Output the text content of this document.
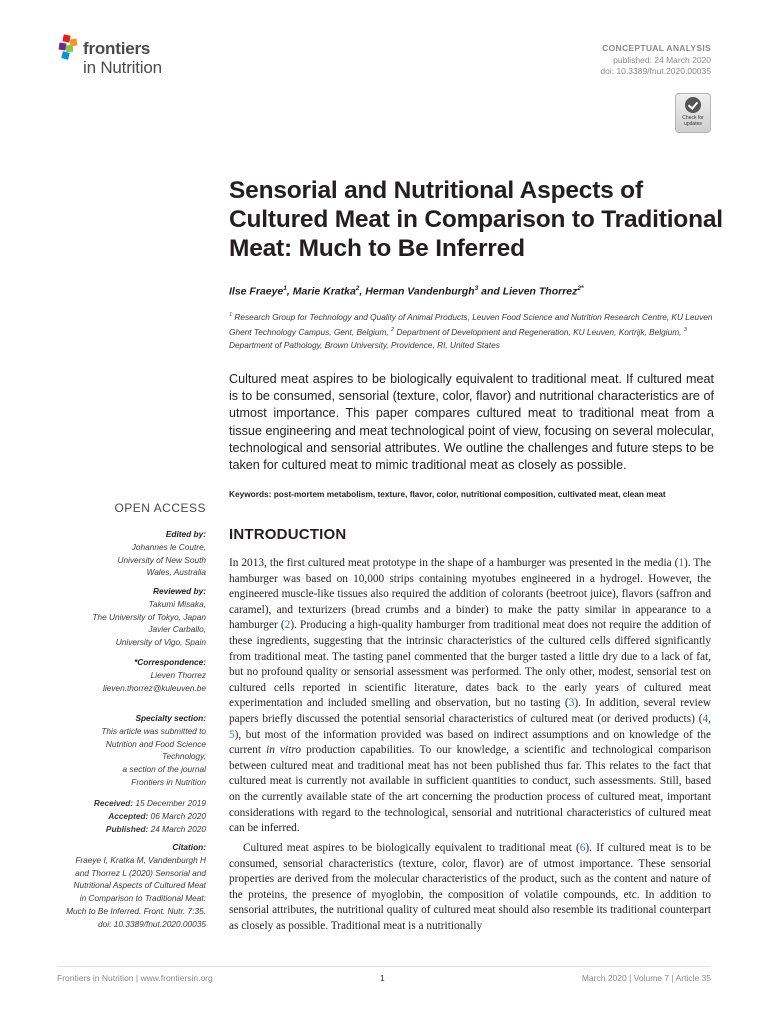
frontiers
in Nutrition
CONCEPTUAL ANALYSIS
published: 24 March 2020
doi: 10.3389/fnut.2020.00035
Check for updates
Sensorial and Nutritional Aspects of Cultured Meat in Comparison to Traditional Meat: Much to Be Inferred
Ilse Fraeye$^1$, Marie Kratka$^2$, Herman Vandenburgh$^3$ and Lieven Thorrez$^{2*}$
$^1$ Research Group for Technology and Quality of Animal Products, Leuven Food Science and Nutrition Research Centre, KU Leuven Ghent Technology Campus, Gent, Belgium, $^2$ Department of Development and Regeneration, KU Leuven, Kortrijk, Belgium, $^3$ Department of Pathology, Brown University, Providence, RI, United States
Cultured meat aspires to be biologically equivalent to traditional meat. If cultured meat is to be consumed, sensorial (texture, color, flavor) and nutritional characteristics are of utmost importance. This paper compares cultured meat to traditional meat from a tissue engineering and meat technological point of view, focusing on several molecular, technological and sensorial attributes. We outline the challenges and future steps to be taken for cultured meat to mimic traditional meat as closely as possible.
Keywords: post-mortem metabolism, texture, flavor, color, nutritional composition, cultivated meat, clean meat
OPEN ACCESS
Edited by:
Johannes le Coutre,
University of New South
Wales, Australia
Reviewed by:
Takumi Misaka,
The University of Tokyo, Japan
Javier Carballo,
University of Vigo, Spain
*Correspondence:
Lieven Thorrez
lieven.thorrez@kuleuven.be
Specialty section:
This article was submitted to
Nutrition and Food Science
Technology,
a section of the journal
Frontiers in Nutrition
Received: 15 December 2019
Accepted: 06 March 2020
Published: 24 March 2020
Citation:
Fraeye I, Kratka M, Vandenburgh H
and Thorrez L (2020) Sensorial and
Nutritional Aspects of Cultured Meat
in Comparison to Traditional Meat:
Much to Be Inferred. Front. Nutr. 7:35.
doi: 10.3389/fnut.2020.00035
INTRODUCTION
In 2013, the first cultured meat prototype in the shape of a hamburger was presented in the media (1). The hamburger was based on 10,000 strips containing myotubes engineered in a hydrogel. However, the engineered muscle-like tissues also required the addition of colorants (beetroot juice), flavors (saffron and caramel), and texturizers (bread crumbs and a binder) to make the patty similar in appearance to a hamburger (2). Producing a high-quality hamburger from traditional meat does not require the addition of these ingredients, suggesting that the intrinsic characteristics of the cultured cells differed significantly from traditional meat. The tasting panel commented that the burger tasted a little dry due to a lack of fat, but no profound quality or sensorial assessment was performed. The only other, modest, sensorial test on cultured cells reported in scientific literature, dates back to the early years of cultured meat experimentation and included smelling and observation, but no tasting (3). In addition, several review papers briefly discussed the potential sensorial characteristics of cultured meat (or derived products) (4, 5), but most of the information provided was based on indirect assumptions and on knowledge of the current in vitro production capabilities. To our knowledge, a scientific and technological comparison between cultured meat and traditional meat has not been published thus far. This relates to the fact that cultured meat is currently not available in sufficient quantities to conduct, such assessments. Still, based on the currently available state of the art concerning the production process of cultured meat, important considerations with regard to the technological, sensorial and nutritional characteristics of cultured meat can be inferred.
Cultured meat aspires to be biologically equivalent to traditional meat (6). If cultured meat is to be consumed, sensorial characteristics (texture, color, flavor) are of utmost importance. These sensorial properties are derived from the molecular characteristics of the product, such as the content and nature of the proteins, the presence of myoglobin, the composition of volatile compounds, etc. In addition to sensorial attributes, the nutritional quality of cultured meat should also resemble its traditional counterpart as closely as possible. Traditional meat is a nutritionally
Frontiers in Nutrition | www.frontiersin.org	1	March 2020 | Volume 7 | Article 35
